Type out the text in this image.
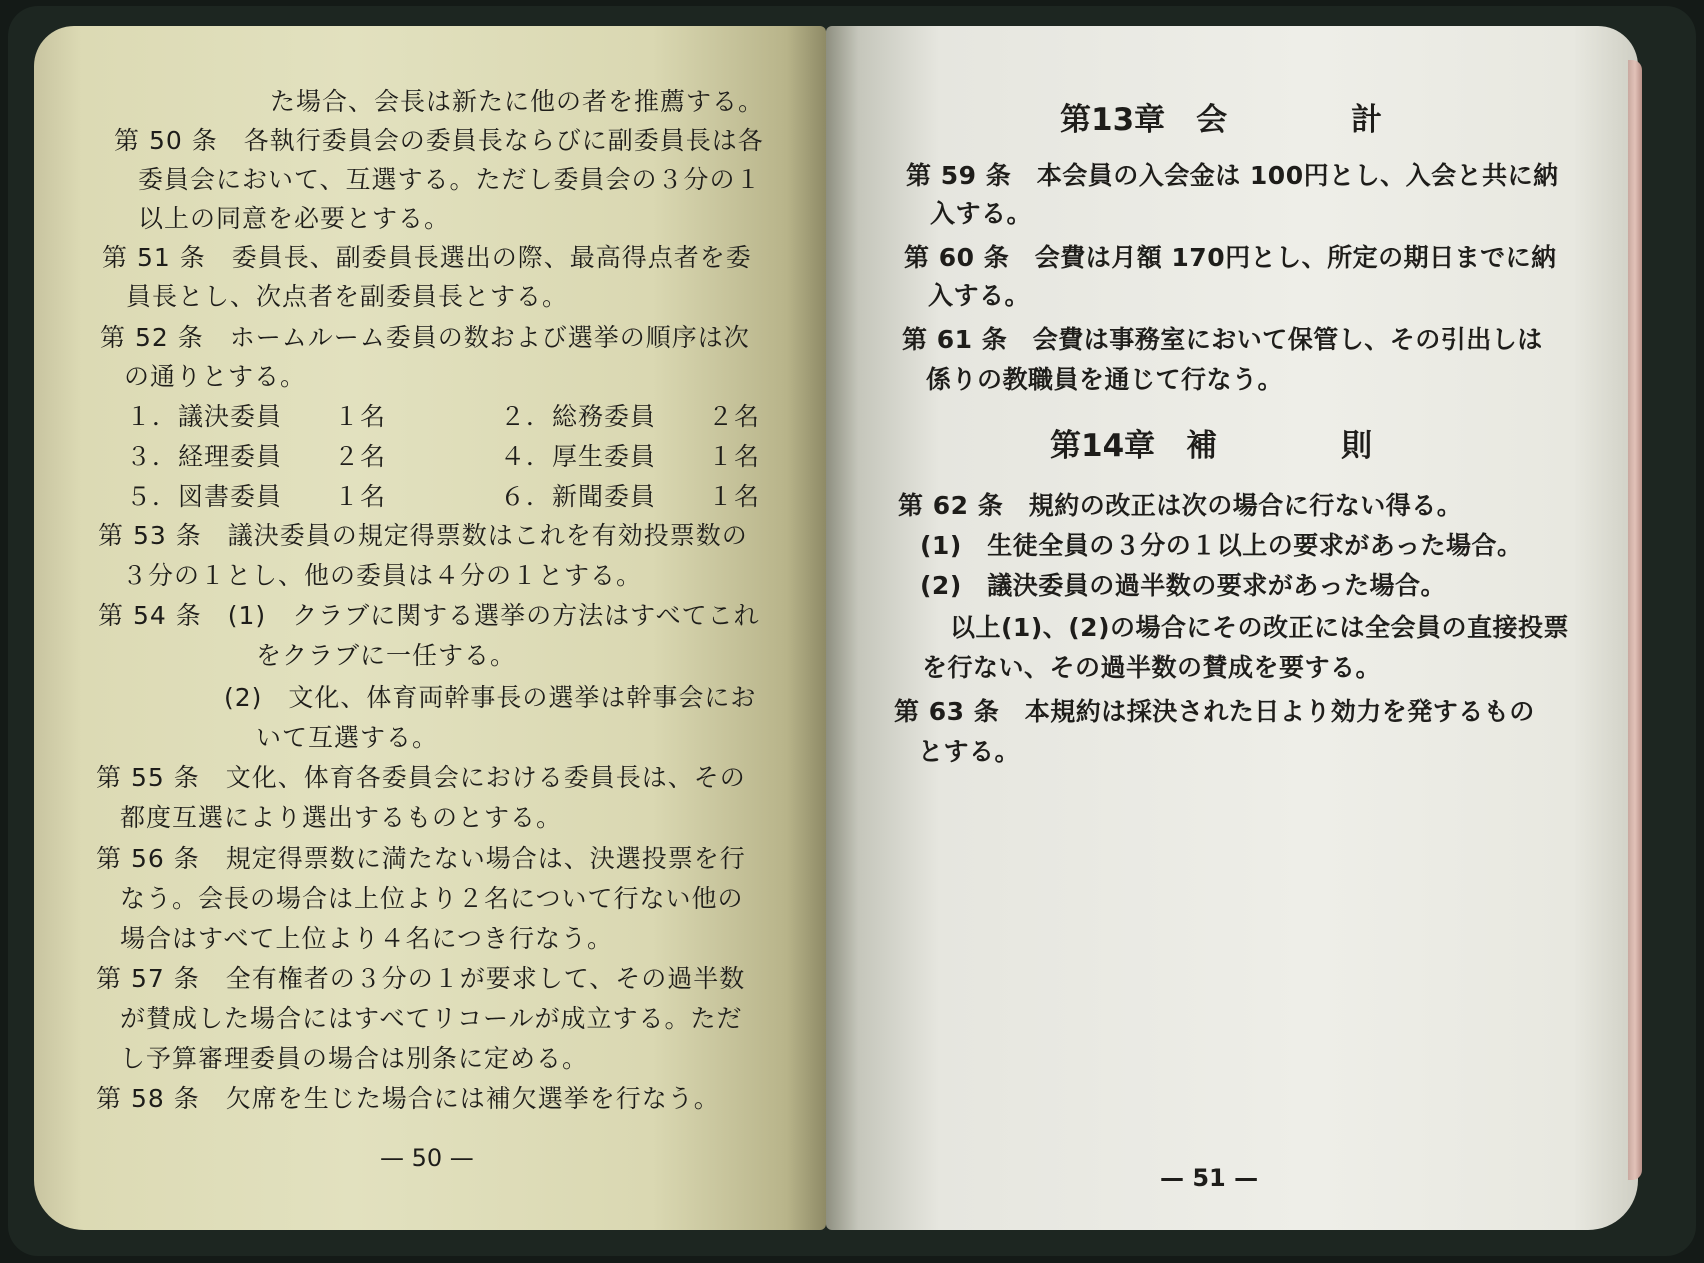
た場合、会長は新たに他の者を推薦する。
第 50 条　各執行委員会の委員長ならびに副委員長は各
委員会において、互選する。ただし委員会の３分の１
以上の同意を必要とする。
第 51 条　委員長、副委員長選出の際、最高得点者を委
員長とし、次点者を副委員長とする。
第 52 条　ホームルーム委員の数および選挙の順序は次
の通りとする。
１．議決委員　　１名	２．総務委員　　２名
３．経理委員　　２名	４．厚生委員　　１名
５．図書委員　　１名	６．新聞委員　　１名
第 53 条　議決委員の規定得票数はこれを有効投票数の
３分の１とし、他の委員は４分の１とする。
第 54 条　(1)　クラブに関する選挙の方法はすべてこれ
をクラブに一任する。
(2)　文化、体育両幹事長の選挙は幹事会にお
いて互選する。
第 55 条　文化、体育各委員会における委員長は、その
都度互選により選出するものとする。
第 56 条　規定得票数に満たない場合は、決選投票を行
なう。会長の場合は上位より２名について行ない他の
場合はすべて上位より４名につき行なう。
第 57 条　全有権者の３分の１が要求して、その過半数
が賛成した場合にはすべてリコールが成立する。ただ
し予算審理委員の場合は別条に定める。
第 58 条　欠席を生じた場合には補欠選挙を行なう。
— 50 —

第13章　会　　　　計
第 59 条　本会員の入会金は 100円とし、入会と共に納
入する。
第 60 条　会費は月額 170円とし、所定の期日までに納
入する。
第 61 条　会費は事務室において保管し、その引出しは
係りの教職員を通じて行なう。
第14章　補　　　　則
第 62 条　規約の改正は次の場合に行ない得る。
(1)　生徒全員の３分の１以上の要求があった場合。
(2)　議決委員の過半数の要求があった場合。
以上(1)、(2)の場合にその改正には全会員の直接投票
を行ない、その過半数の賛成を要する。
第 63 条　本規約は採決された日より効力を発するもの
とする。
— 51 —
